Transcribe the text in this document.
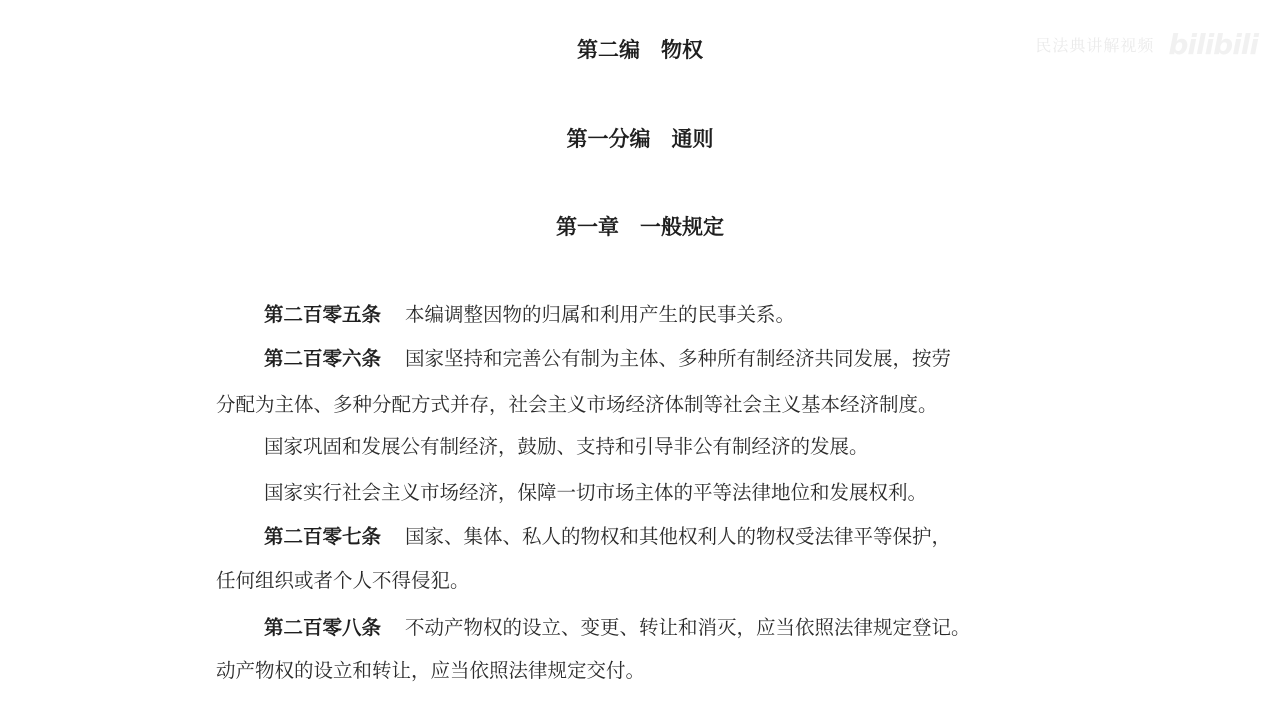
民法典讲解视频 bilibili
第二编　物权
第一分编　通则
第一章　一般规定
第二百零五条 本编调整因物的归属和利用产生的民事关系。
第二百零六条 国家坚持和完善公有制为主体、多种所有制经济共同发展，按劳
分配为主体、多种分配方式并存，社会主义市场经济体制等社会主义基本经济制度。
国家巩固和发展公有制经济，鼓励、支持和引导非公有制经济的发展。
国家实行社会主义市场经济，保障一切市场主体的平等法律地位和发展权利。
第二百零七条 国家、集体、私人的物权和其他权利人的物权受法律平等保护，
任何组织或者个人不得侵犯。
第二百零八条 不动产物权的设立、变更、转让和消灭，应当依照法律规定登记。
动产物权的设立和转让，应当依照法律规定交付。
